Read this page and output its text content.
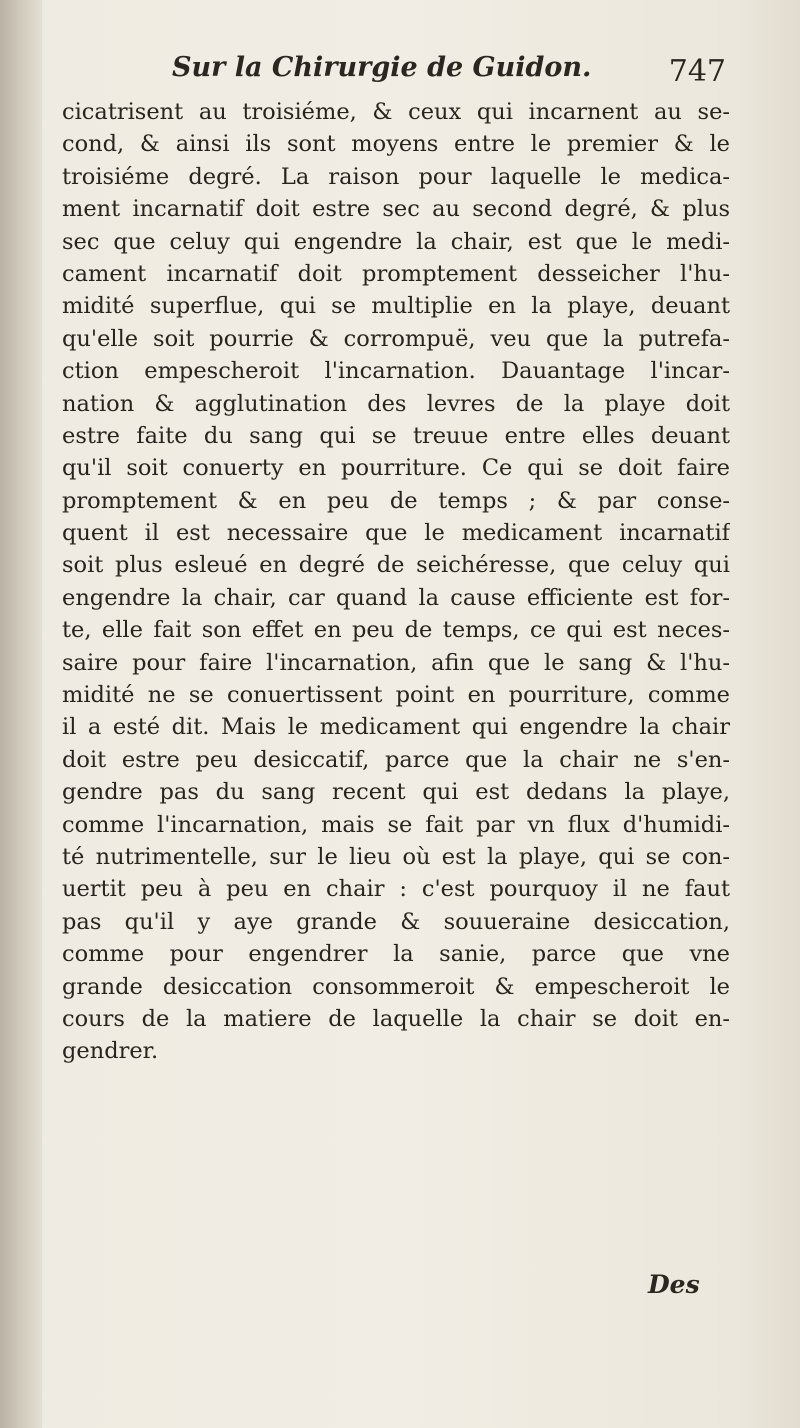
Sur la Chirurgie de Guidon.	747
cicatrisent au troisiéme, & ceux qui incarnent au se-
cond, & ainsi ils sont moyens entre le premier & le
troisiéme degré. La raison pour laquelle le medica-
ment incarnatif doit estre sec au second degré, & plus
sec que celuy qui engendre la chair, est que le medi-
cament incarnatif doit promptement desseicher l'hu-
midité superflue, qui se multiplie en la playe, deuant
qu'elle soit pourrie & corrompuë, veu que la putrefa-
ction empescheroit l'incarnation. Dauantage l'incar-
nation & agglutination des levres de la playe doit
estre faite du sang qui se treuue entre elles deuant
qu'il soit conuerty en pourriture. Ce qui se doit faire
promptement & en peu de temps ; & par conse-
quent il est necessaire que le medicament incarnatif
soit plus esleué en degré de seichéresse, que celuy qui
engendre la chair, car quand la cause efficiente est for-
te, elle fait son effet en peu de temps, ce qui est neces-
saire pour faire l'incarnation, afin que le sang & l'hu-
midité ne se conuertissent point en pourriture, comme
il a esté dit. Mais le medicament qui engendre la chair
doit estre peu desiccatif, parce que la chair ne s'en-
gendre pas du sang recent qui est dedans la playe,
comme l'incarnation, mais se fait par vn flux d'humidi-
té nutrimentelle, sur le lieu où est la playe, qui se con-
uertit peu à peu en chair : c'est pourquoy il ne faut
pas qu'il y aye grande & souueraine desiccation,
comme pour engendrer la sanie, parce que vne
grande desiccation consommeroit & empescheroit le
cours de la matiere de laquelle la chair se doit en-
gendrer.
Des
